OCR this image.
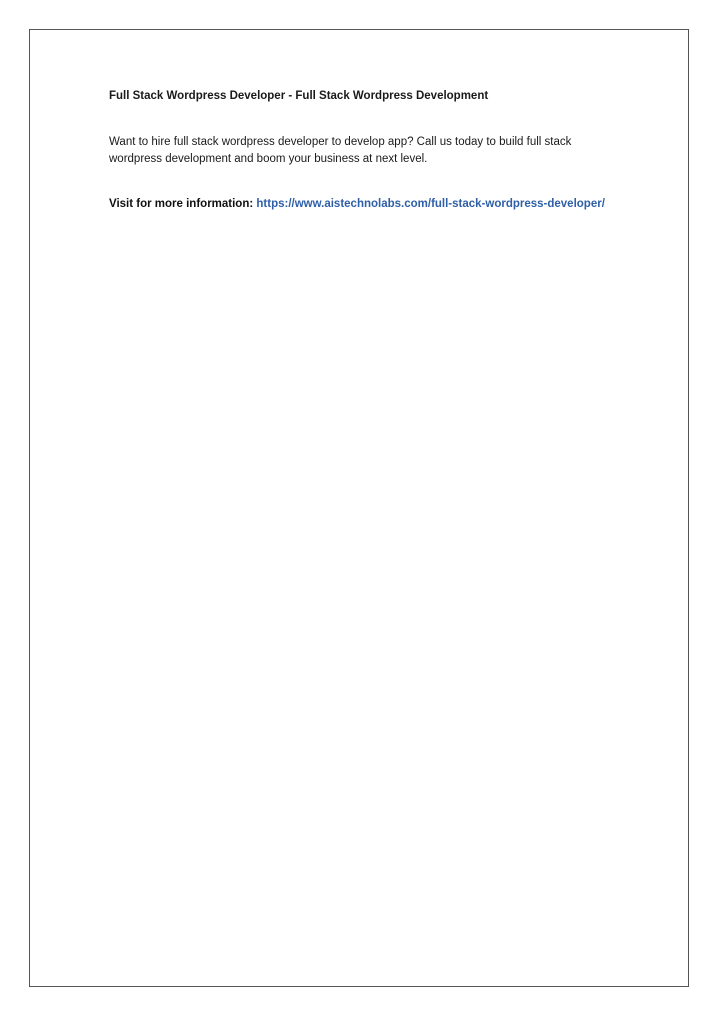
Full Stack Wordpress Developer - Full Stack Wordpress Development

Want to hire full stack wordpress developer to develop app? Call us today to build full stack wordpress development and boom your business at next level.

Visit for more information: https://www.aistechnolabs.com/full-stack-wordpress-developer/
